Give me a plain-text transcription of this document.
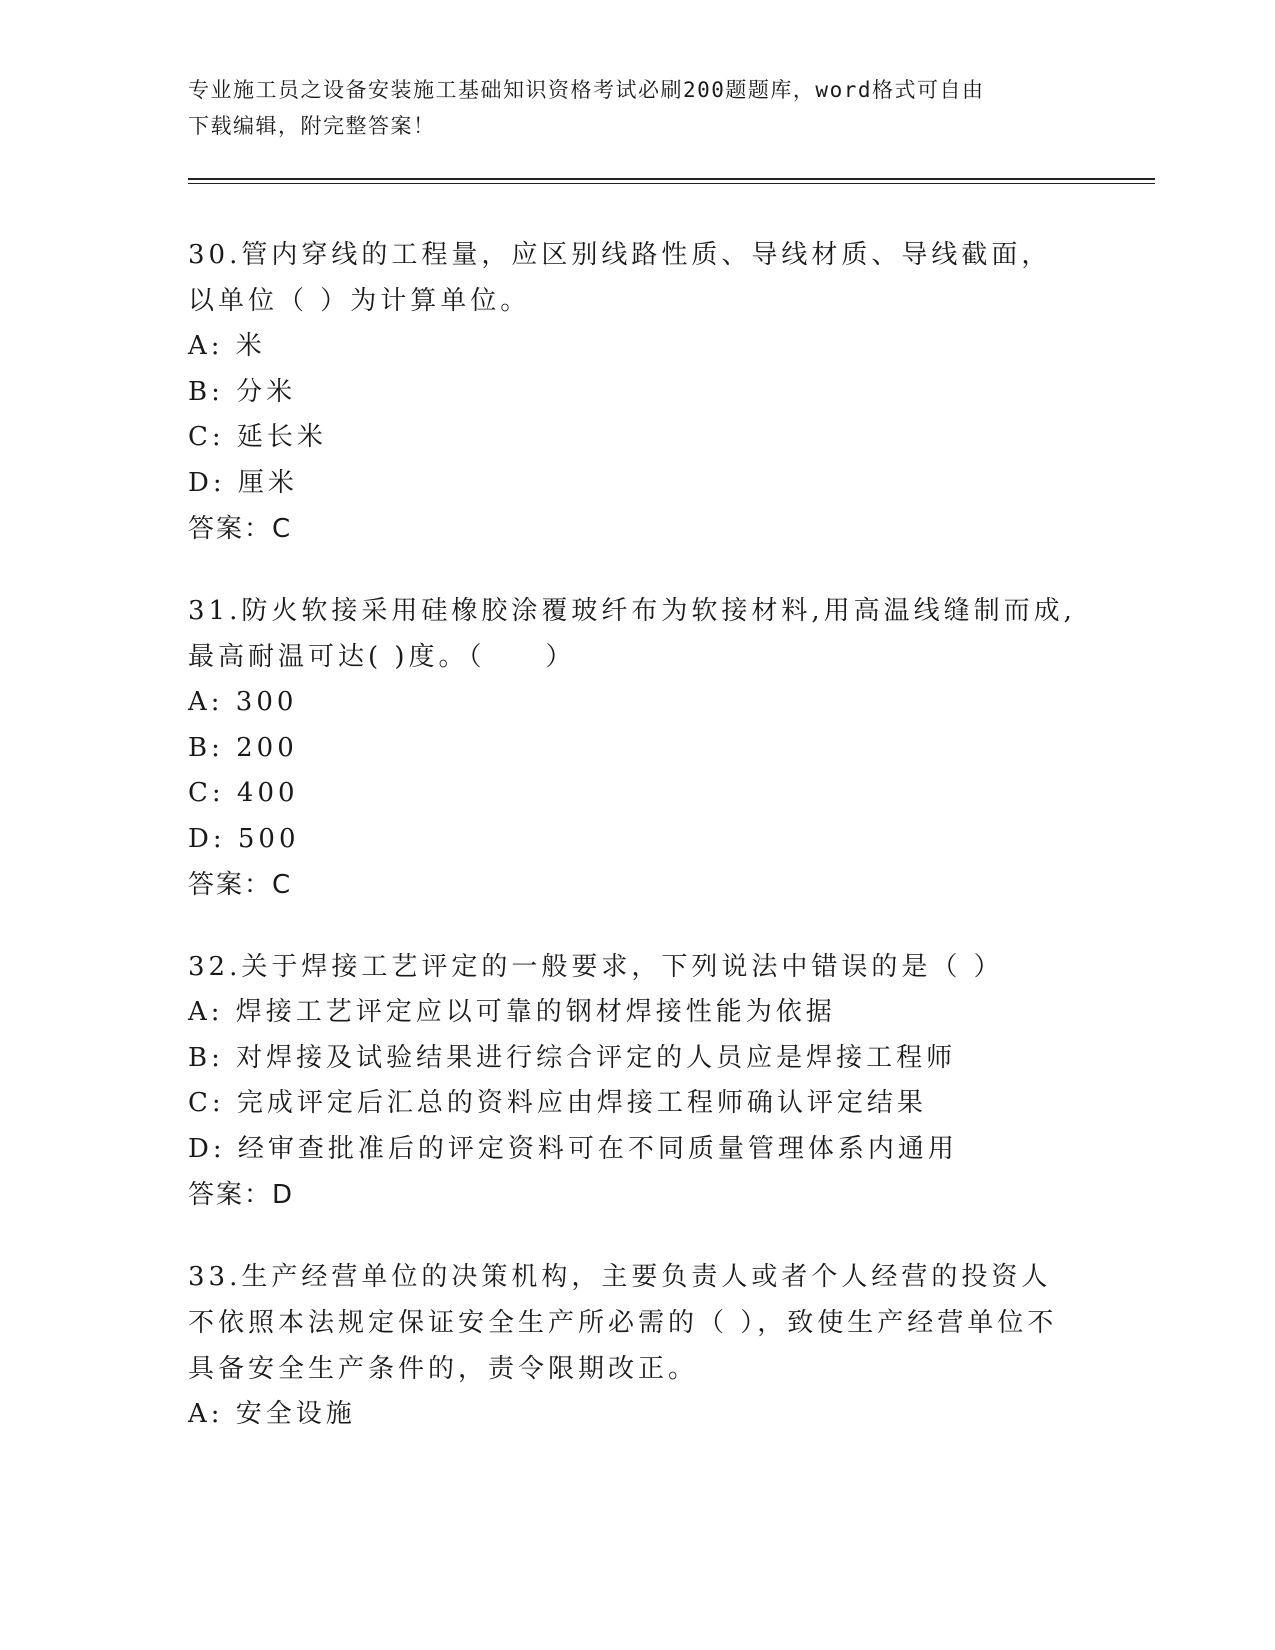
专业施工员之设备安装施工基础知识资格考试必刷200题题库，word格式可自由
下载编辑，附完整答案！
30.管内穿线的工程量，应区别线路性质、导线材质、导线截面，以单位（ ）为计算单位。
A: 米
B: 分米
C: 延长米
D: 厘米
答案：C
31.防火软接采用硅橡胶涂覆玻纤布为软接材料,用高温线缝制而成,最高耐温可达( )度。（　　）
A: 300
B: 200
C: 400
D: 500
答案：C
32.关于焊接工艺评定的一般要求，下列说法中错误的是（ ）
A: 焊接工艺评定应以可靠的钢材焊接性能为依据
B: 对焊接及试验结果进行综合评定的人员应是焊接工程师
C: 完成评定后汇总的资料应由焊接工程师确认评定结果
D: 经审查批准后的评定资料可在不同质量管理体系内通用
答案：D
33.生产经营单位的决策机构，主要负责人或者个人经营的投资人不依照本法规定保证安全生产所必需的（ ），致使生产经营单位不具备安全生产条件的，责令限期改正。
A: 安全设施
